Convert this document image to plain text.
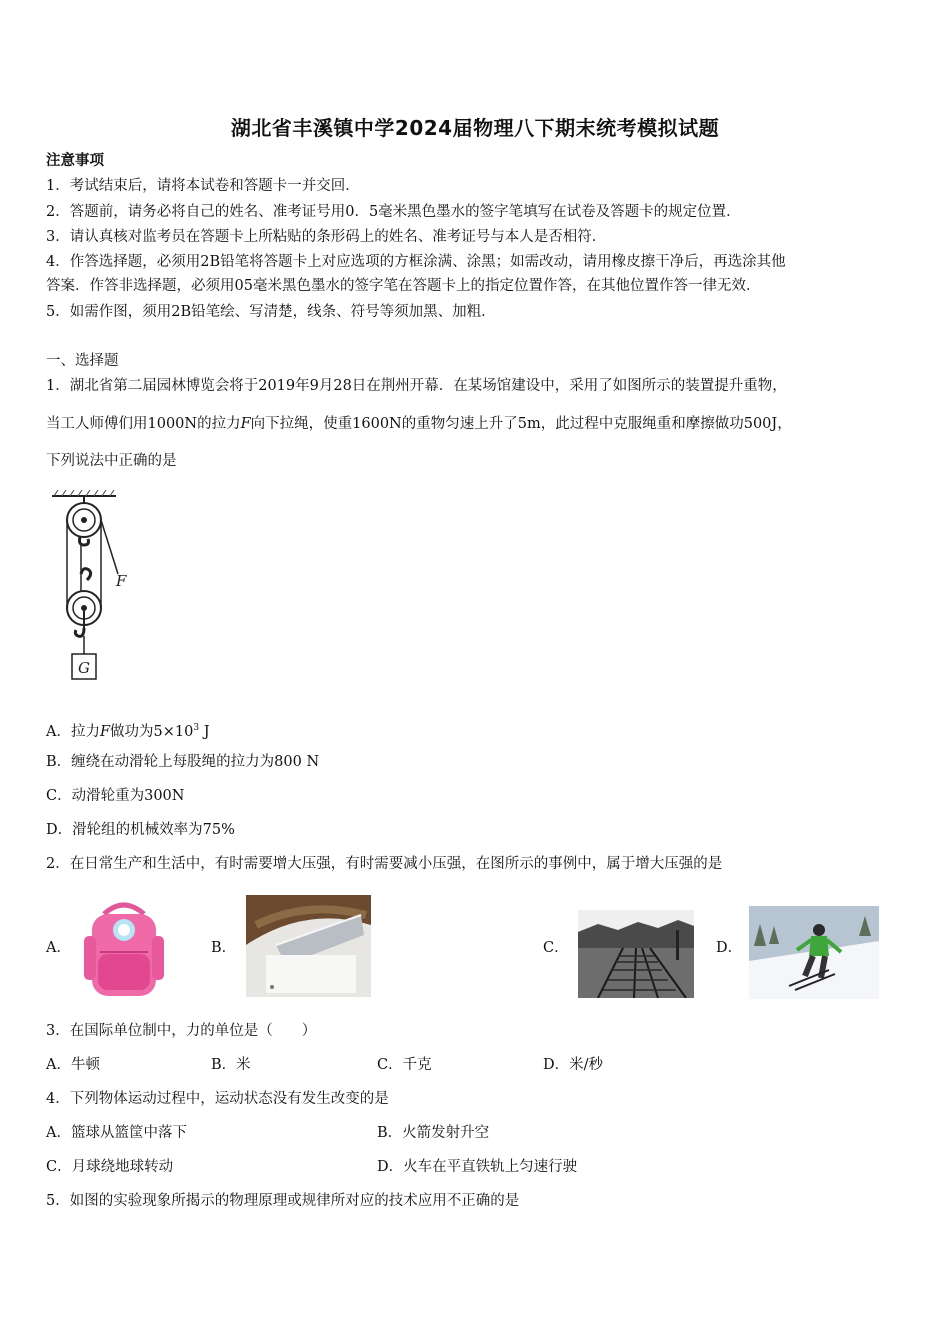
湖北省丰溪镇中学2024届物理八下期末统考模拟试题
注意事项
1．考试结束后，请将本试卷和答题卡一并交回．
2．答题前，请务必将自己的姓名、准考证号用0．5毫米黑色墨水的签字笔填写在试卷及答题卡的规定位置．
3．请认真核对监考员在答题卡上所粘贴的条形码上的姓名、准考证号与本人是否相符．
4．作答选择题，必须用2B铅笔将答题卡上对应选项的方框涂满、涂黑；如需改动，请用橡皮擦干净后，再选涂其他
答案．作答非选择题，必须用05毫米黑色墨水的签字笔在答题卡上的指定位置作答，在其他位置作答一律无效．
5．如需作图，须用2B铅笔绘、写清楚，线条、符号等须加黑、加粗．
一、选择题
1．湖北省第二届园林博览会将于2019年9月28日在荆州开幕．在某场馆建设中，采用了如图所示的装置提升重物，
当工人师傅们用1000N的拉力F向下拉绳，使重1600N的重物匀速上升了5m，此过程中克服绳重和摩擦做功500J，
下列说法中正确的是
G
F
A．拉力F做功为$5\times 10^3$ J
B．缠绕在动滑轮上每股绳的拉力为800 N
C．动滑轮重为300N
D．滑轮组的机械效率为75%
2．在日常生产和生活中，有时需要增大压强，有时需要减小压强，在图所示的事例中，属于增大压强的是
A．	B．	C．	D．
3．在国际单位制中，力的单位是（　　）
A．牛顿	B．米	C．千克	D．米/秒
4．下列物体运动过程中，运动状态没有发生改变的是
A．篮球从篮筐中落下	B．火箭发射升空
C．月球绕地球转动	D．火车在平直铁轨上匀速行驶
5．如图的实验现象所揭示的物理原理或规律所对应的技术应用不正确的是
